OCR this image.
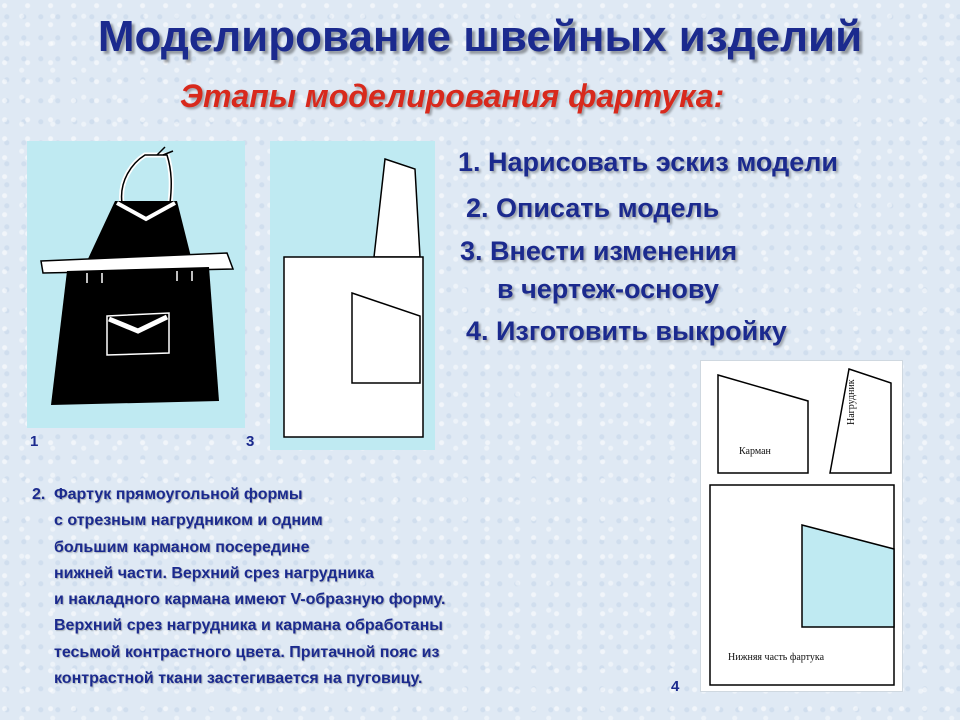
Моделирование швейных изделий
Этапы моделирования фартука:
1	3
1. Нарисовать эскиз модели
2. Описать модель
3. Внести изменения
в чертеж-основу
4. Изготовить выкройку
Карман
Нагрудник
Нижняя часть фартука
4
2. Фартук прямоугольной формы
с отрезным нагрудником и одним
большим карманом посередине
нижней части. Верхний срез нагрудника
и накладного кармана имеют V-образную форму.
Верхний срез нагрудника и кармана обработаны
тесьмой контрастного цвета. Притачной пояс из
контрастной ткани застегивается на пуговицу.
